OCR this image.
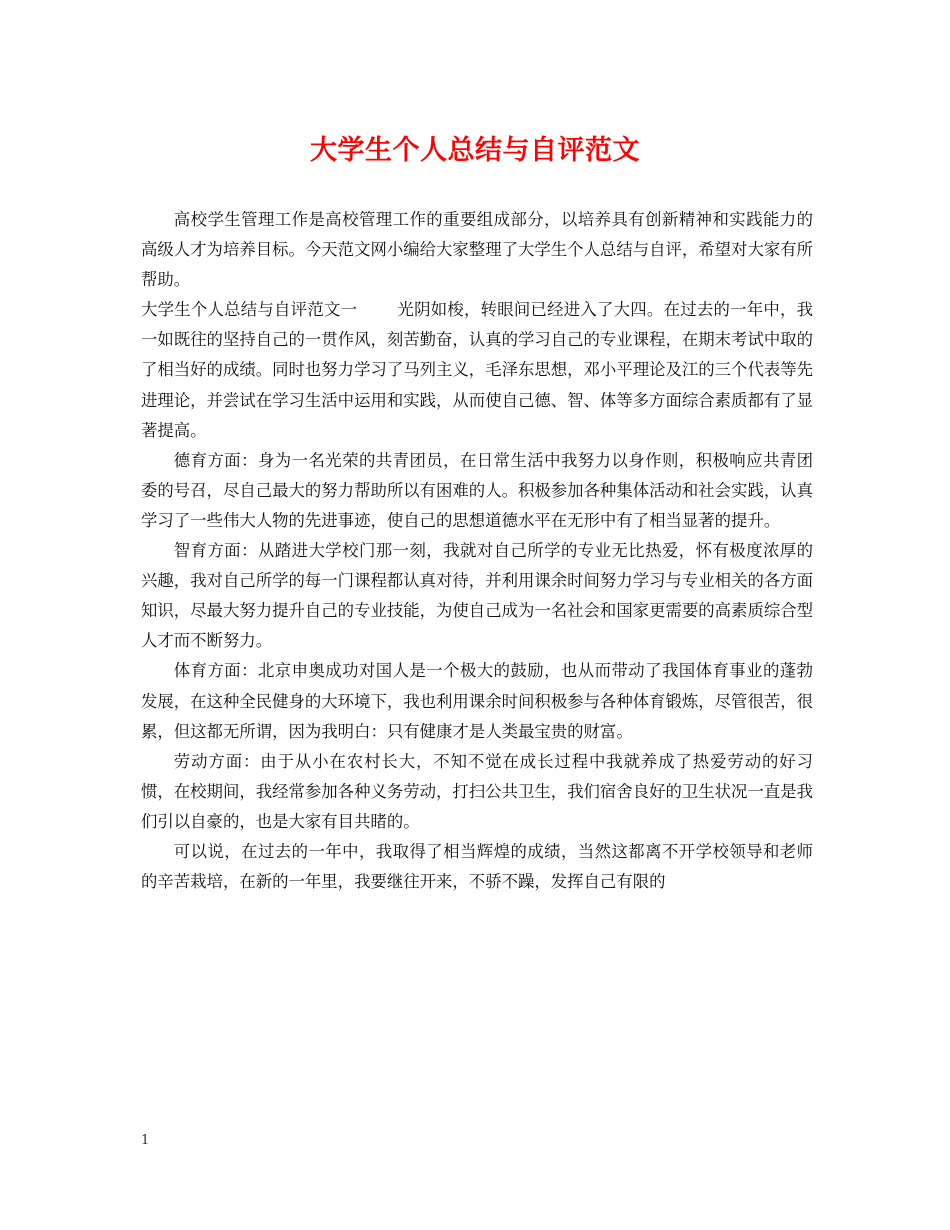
大学生个人总结与自评范文

高校学生管理工作是高校管理工作的重要组成部分，以培养具有创新精神和实践能力的高级人才为培养目标。今天范文网小编给大家整理了大学生个人总结与自评，希望对大家有所帮助。

大学生个人总结与自评范文一 光阴如梭，转眼间已经进入了大四。在过去的一年中，我一如既往的坚持自己的一贯作风，刻苦勤奋，认真的学习自己的专业课程，在期末考试中取的了相当好的成绩。同时也努力学习了马列主义，毛泽东思想，邓小平理论及江的三个代表等先进理论，并尝试在学习生活中运用和实践，从而使自己德、智、体等多方面综合素质都有了显著提高。

德育方面：身为一名光荣的共青团员，在日常生活中我努力以身作则，积极响应共青团委的号召，尽自己最大的努力帮助所以有困难的人。积极参加各种集体活动和社会实践，认真学习了一些伟大人物的先进事迹，使自己的思想道德水平在无形中有了相当显著的提升。

智育方面：从踏进大学校门那一刻，我就对自己所学的专业无比热爱，怀有极度浓厚的兴趣，我对自己所学的每一门课程都认真对待，并利用课余时间努力学习与专业相关的各方面知识，尽最大努力提升自己的专业技能，为使自己成为一名社会和国家更需要的高素质综合型人才而不断努力。

体育方面：北京申奥成功对国人是一个极大的鼓励，也从而带动了我国体育事业的蓬勃发展，在这种全民健身的大环境下，我也利用课余时间积极参与各种体育锻炼，尽管很苦，很累，但这都无所谓，因为我明白：只有健康才是人类最宝贵的财富。

劳动方面：由于从小在农村长大，不知不觉在成长过程中我就养成了热爱劳动的好习惯，在校期间，我经常参加各种义务劳动，打扫公共卫生，我们宿舍良好的卫生状况一直是我们引以自豪的，也是大家有目共睹的。

可以说，在过去的一年中，我取得了相当辉煌的成绩，当然这都离不开学校领导和老师的辛苦栽培，在新的一年里，我要继往开来，不骄不躁，发挥自己有限的

1
